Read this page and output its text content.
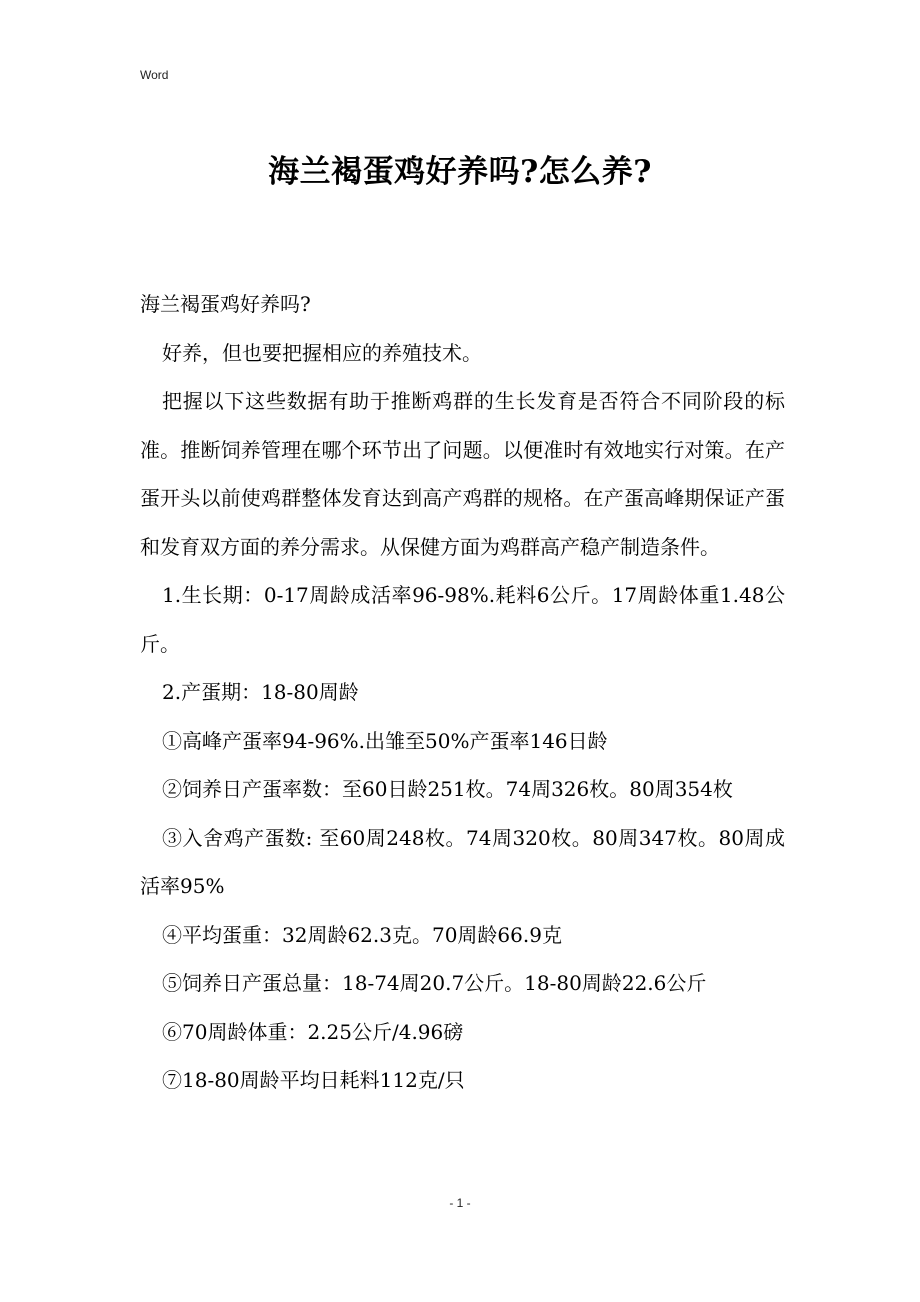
Word
海兰褐蛋鸡好养吗?怎么养?

海兰褐蛋鸡好养吗?

好养，但也要把握相应的养殖技术。

把握以下这些数据有助于推断鸡群的生长发育是否符合不同阶段的标准。推断饲养管理在哪个环节出了问题。以便准时有效地实行对策。在产蛋开头以前使鸡群整体发育达到高产鸡群的规格。在产蛋高峰期保证产蛋和发育双方面的养分需求。从保健方面为鸡群高产稳产制造条件。

1.生长期：0-17周龄成活率96-98%.耗料6公斤。17周龄体重1.48公斤。

2.产蛋期：18-80周龄

①高峰产蛋率94-96%.出雏至50%产蛋率146日龄

②饲养日产蛋率数：至60日龄251枚。74周326枚。80周354枚

③入舍鸡产蛋数: 至60周248枚。74周320枚。80周347枚。80周成活率95%

④平均蛋重：32周龄62.3克。70周龄66.9克

⑤饲养日产蛋总量：18-74周20.7公斤。18-80周龄22.6公斤

⑥70周龄体重：2.25公斤/4.96磅

⑦18-80周龄平均日耗料112克/只

- 1 -
